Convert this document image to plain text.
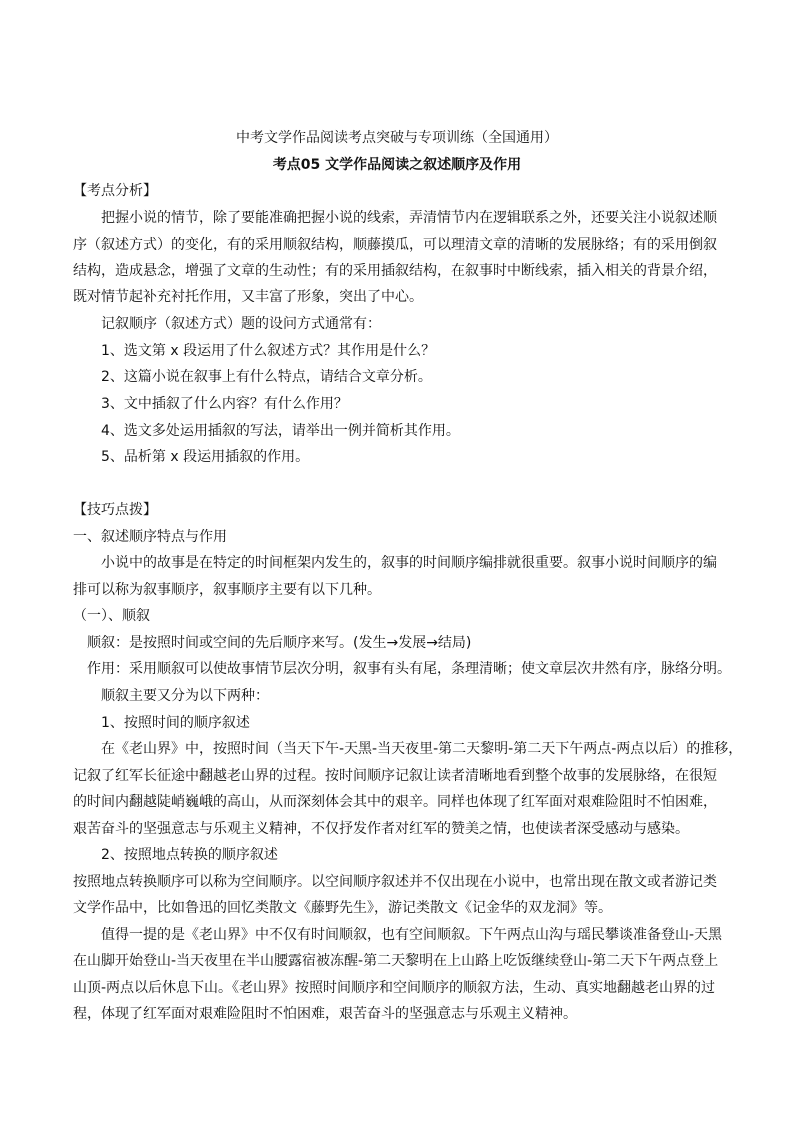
中考文学作品阅读考点突破与专项训练（全国通用）
考点05 文学作品阅读之叙述顺序及作用
【考点分析】
把握小说的情节，除了要能准确把握小说的线索，弄清情节内在逻辑联系之外，还要关注小说叙述顺
序（叙述方式）的变化，有的采用顺叙结构，顺藤摸瓜，可以理清文章的清晰的发展脉络；有的采用倒叙
结构，造成悬念，增强了文章的生动性；有的采用插叙结构，在叙事时中断线索，插入相关的背景介绍，
既对情节起补充衬托作用，又丰富了形象，突出了中心。
记叙顺序（叙述方式）题的设问方式通常有：
1、选文第 x 段运用了什么叙述方式？其作用是什么？
2、这篇小说在叙事上有什么特点，请结合文章分析。
3、文中插叙了什么内容？有什么作用？
4、选文多处运用插叙的写法，请举出一例并简析其作用。
5、品析第 x 段运用插叙的作用。
【技巧点拨】
一、叙述顺序特点与作用
小说中的故事是在特定的时间框架内发生的，叙事的时间顺序编排就很重要。叙事小说时间顺序的编
排可以称为叙事顺序，叙事顺序主要有以下几种。
（一）、顺叙
顺叙：是按照时间或空间的先后顺序来写。(发生→发展→结局)
作用：采用顺叙可以使故事情节层次分明，叙事有头有尾，条理清晰；使文章层次井然有序，脉络分明。
顺叙主要又分为以下两种：
1、按照时间的顺序叙述
在《老山界》中，按照时间（当天下午-天黑-当天夜里-第二天黎明-第二天下午两点-两点以后）的推移，
记叙了红军长征途中翻越老山界的过程。按时间顺序记叙让读者清晰地看到整个故事的发展脉络，在很短
的时间内翻越陡峭巍峨的高山，从而深刻体会其中的艰辛。同样也体现了红军面对艰难险阻时不怕困难，
艰苦奋斗的坚强意志与乐观主义精神，不仅抒发作者对红军的赞美之情，也使读者深受感动与感染。
2、按照地点转换的顺序叙述
按照地点转换顺序可以称为空间顺序。以空间顺序叙述并不仅出现在小说中，也常出现在散文或者游记类
文学作品中，比如鲁迅的回忆类散文《藤野先生》，游记类散文《记金华的双龙洞》等。
值得一提的是《老山界》中不仅有时间顺叙，也有空间顺叙。下午两点山沟与瑶民攀谈准备登山-天黑
在山脚开始登山-当天夜里在半山腰露宿被冻醒-第二天黎明在上山路上吃饭继续登山-第二天下午两点登上
山顶-两点以后休息下山。《老山界》按照时间顺序和空间顺序的顺叙方法，生动、真实地翻越老山界的过
程，体现了红军面对艰难险阻时不怕困难，艰苦奋斗的坚强意志与乐观主义精神。
